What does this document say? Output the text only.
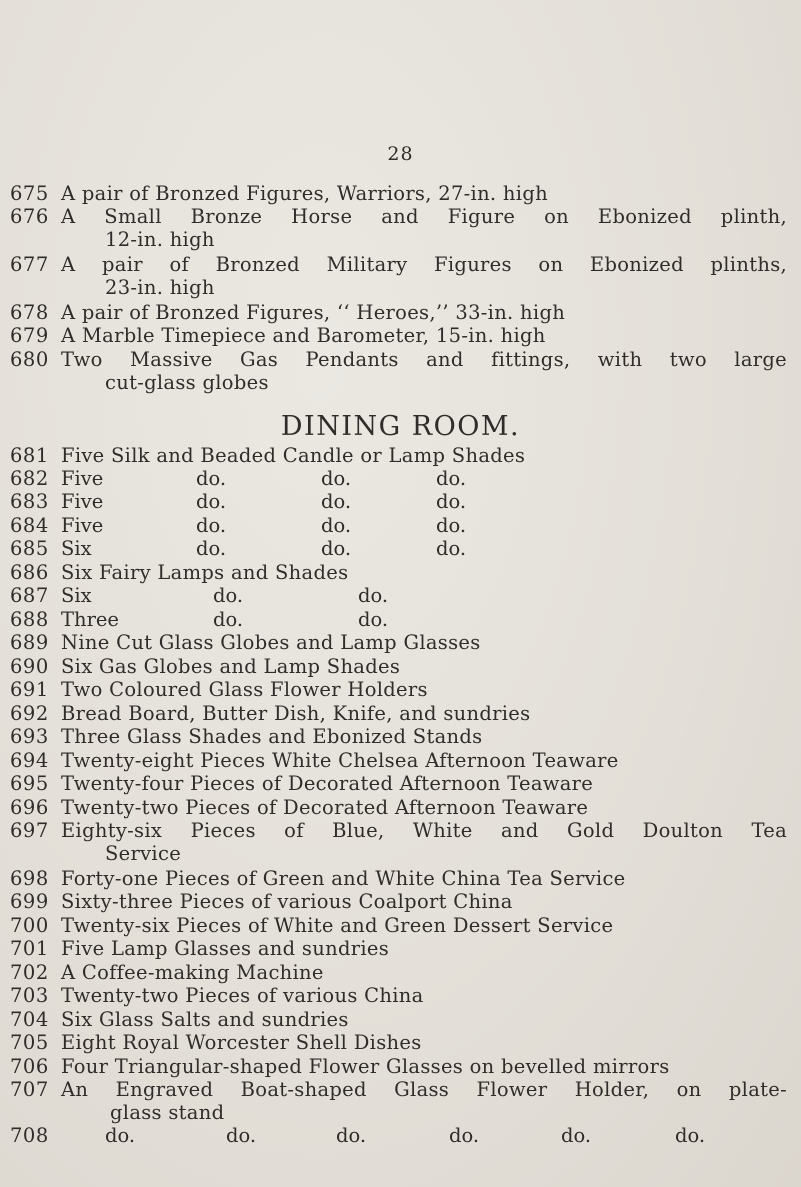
28
675 A pair of Bronzed Figures, Warriors, 27-in. high
676 A Small Bronze Horse and Figure on Ebonized plinth,
12-in. high
677 A pair of Bronzed Military Figures on Ebonized plinths,
23-in. high
678 A pair of Bronzed Figures, ‘‘ Heroes,’’ 33-in. high
679 A Marble Timepiece and Barometer, 15-in. high
680 Two Massive Gas Pendants and fittings, with two large
cut-glass globes
DINING ROOM.
681 Five Silk and Beaded Candle or Lamp Shades
682 Five	do.	do.	do.
683 Five	do.	do.	do.
684 Five	do.	do.	do.
685 Six	do.	do.	do.
686 Six Fairy Lamps and Shades
687 Six	do.	do.
688 Three	do.	do.
689 Nine Cut Glass Globes and Lamp Glasses
690 Six Gas Globes and Lamp Shades
691 Two Coloured Glass Flower Holders
692 Bread Board, Butter Dish, Knife, and sundries
693 Three Glass Shades and Ebonized Stands
694 Twenty-eight Pieces White Chelsea Afternoon Teaware
695 Twenty-four Pieces of Decorated Afternoon Teaware
696 Twenty-two Pieces of Decorated Afternoon Teaware
697 Eighty-six Pieces of Blue, White and Gold Doulton Tea
Service
698 Forty-one Pieces of Green and White China Tea Service
699 Sixty-three Pieces of various Coalport China
700 Twenty-six Pieces of White and Green Dessert Service
701 Five Lamp Glasses and sundries
702 A Coffee-making Machine
703 Twenty-two Pieces of various China
704 Six Glass Salts and sundries
705 Eight Royal Worcester Shell Dishes
706 Four Triangular-shaped Flower Glasses on bevelled mirrors
707 An Engraved Boat-shaped Glass Flower Holder, on plate-
glass stand
708	do.	do.	do.	do.	do.	do.
